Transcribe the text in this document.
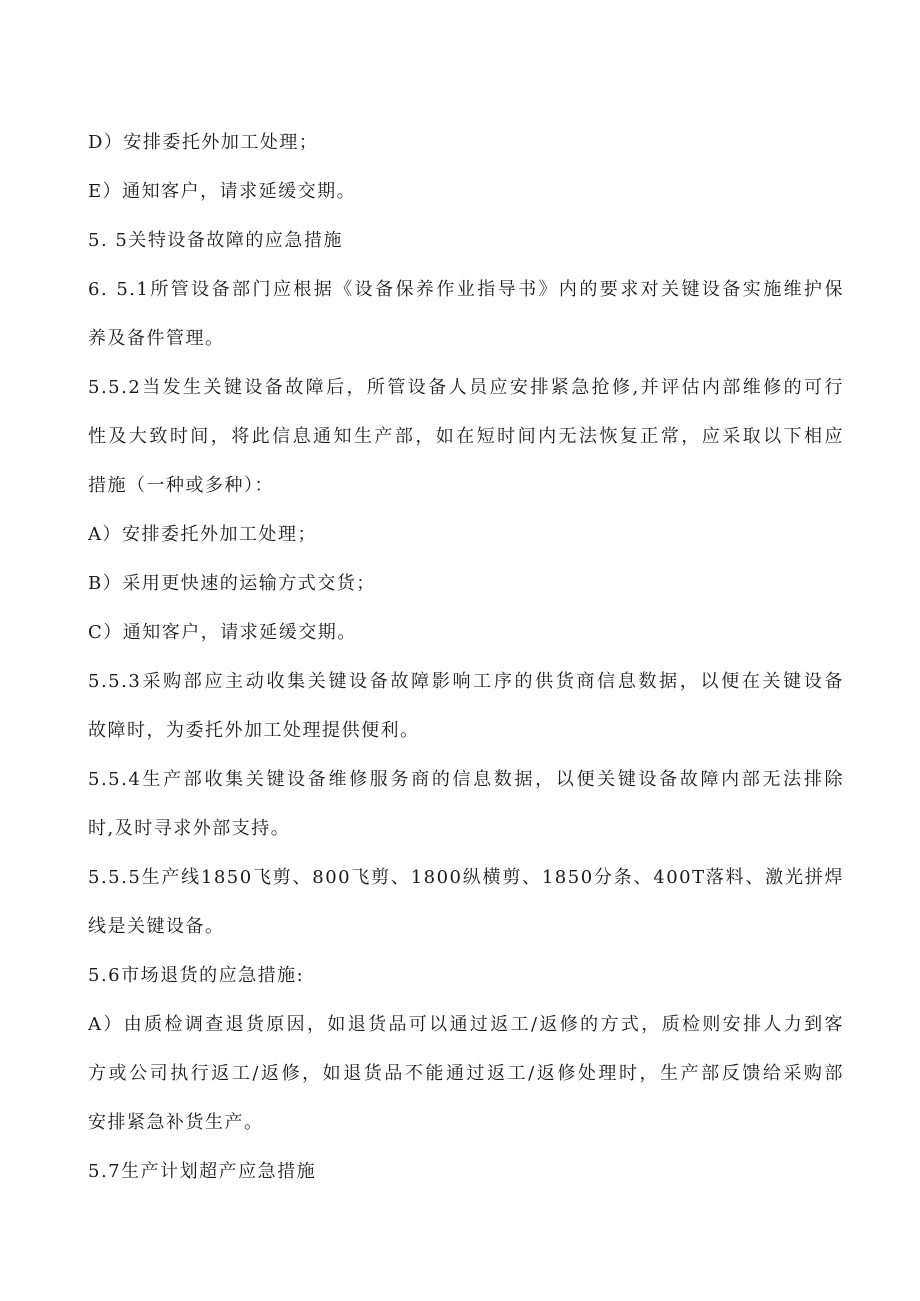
D）安排委托外加工处理；
E）通知客户，请求延缓交期。
5. 5关特设备故障的应急措施
6. 5.1所管设备部门应根据《设备保养作业指导书》内的要求对关键设备实施维护保
养及备件管理。
5.5.2当发生关键设备故障后，所管设备人员应安排紧急抢修,并评估内部维修的可行
性及大致时间，将此信息通知生产部，如在短时间内无法恢复正常，应采取以下相应
措施（一种或多种）：
A）安排委托外加工处理；
B）采用更快速的运输方式交货；
C）通知客户，请求延缓交期。
5.5.3采购部应主动收集关键设备故障影响工序的供货商信息数据，以便在关键设备
故障时，为委托外加工处理提供便利。
5.5.4生产部收集关键设备维修服务商的信息数据，以便关键设备故障内部无法排除
时,及时寻求外部支持。
5.5.5生产线1850飞剪、800飞剪、1800纵横剪、1850分条、400T落料、激光拼焊
线是关键设备。
5.6市场退货的应急措施:
A）由质检调查退货原因，如退货品可以通过返工/返修的方式，质检则安排人力到客
方或公司执行返工/返修，如退货品不能通过返工/返修处理时，生产部反馈给采购部
安排紧急补货生产。
5.7生产计划超产应急措施
